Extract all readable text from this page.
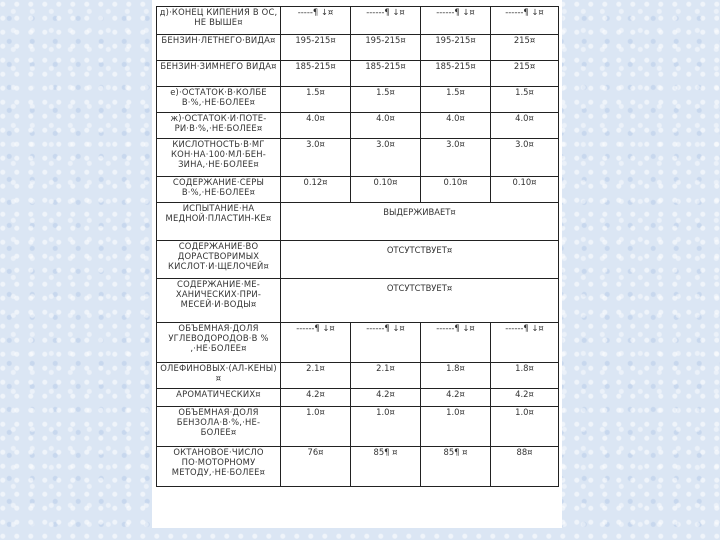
д)·КОНЕЦ КИПЕНИЯ В ОС, НЕ ВЫШЕ¤	-----¶ ↓¤	------¶ ↓¤	------¶ ↓¤	------¶ ↓¤
БЕНЗИН·ЛЕТНЕГО·ВИДА¤	195-215¤	195-215¤	195-215¤	215¤
БЕНЗИН·ЗИМНЕГО ВИДА¤	185-215¤	185-215¤	185-215¤	215¤
е)·ОСТАТОК·В·КОЛБЕ В·%,·НЕ·БОЛЕЕ¤	1.5¤	1.5¤	1.5¤	1.5¤
ж)·ОСТАТОК·И·ПОТЕ-РИ·В·%,·НЕ·БОЛЕЕ¤	4.0¤	4.0¤	4.0¤	4.0¤
КИСЛОТНОСТЬ·В·МГ КОН·НА·100·МЛ·БЕН-ЗИНА,·НЕ·БОЛЕЕ¤	3.0¤	3.0¤	3.0¤	3.0¤
СОДЕРЖАНИЕ·СЕРЫ В·%,·НЕ·БОЛЕЕ¤	0.12¤	0.10¤	0.10¤	0.10¤
ИСПЫТАНИЕ·НА МЕДНОЙ·ПЛАСТИН-КЕ¤	ВЫДЕРЖИВАЕТ¤			
СОДЕРЖАНИЕ·ВО ДОРАСТВОРИМЫХ КИСЛОТ·И·ЩЕЛОЧЕЙ¤	ОТСУТСТВУЕТ¤			
СОДЕРЖАНИЕ·МЕ-ХАНИЧЕСКИХ·ПРИ-МЕСЕЙ·И·ВОДЫ¤	ОТСУТСТВУЕТ¤			
ОБЪЕМНАЯ·ДОЛЯ УГЛЕВОДОРОДОВ·В % ,·НЕ·БОЛЕЕ¤	------¶ ↓¤	------¶ ↓¤	------¶ ↓¤	------¶ ↓¤
ОЛЕФИНОВЫХ·(АЛ-КЕНЫ)¤	2.1¤	2.1¤	1.8¤	1.8¤
АРОМАТИЧЕСКИХ¤	4.2¤	4.2¤	4.2¤	4.2¤
ОБЪЕМНАЯ·ДОЛЯ БЕНЗОЛА·В·%,·НЕ-БОЛЕЕ¤	1.0¤	1.0¤	1.0¤	1.0¤
ОКТАНОВОЕ·ЧИСЛО ПО·МОТОРНОМУ МЕТОДУ,·НЕ·БОЛЕЕ¤	76¤	85¶ ¤	85¶ ¤	88¤
